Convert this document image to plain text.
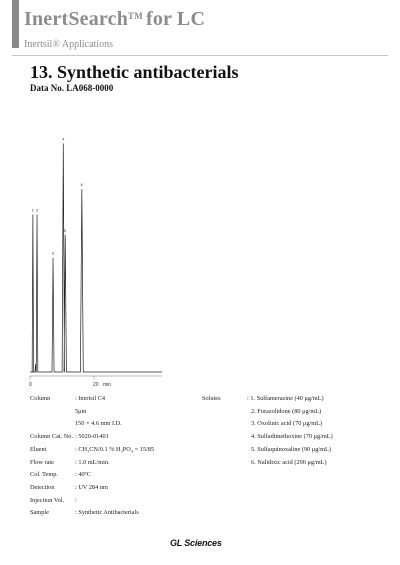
InertSearch™ for LC
Inertsil® Applications
13. Synthetic antibacterials
Data No. LA068-0000
1 2
3
4
5
6
0	20 min
Column	: Inertsil C4
5μm
150 × 4.6 mm I.D.
Column Cat. No. : 5020-01401
Eluent	: CH₃CN/0.1 % H₃PO₄ = 15/85
Flow rate	: 1.0 mL/min.
Col. Temp.	: 40ºC
Detection	: UV 284 nm
Injection Vol. :
Sample	: Synthetic Antibacterials
Solutes	: 1. Sulfamerazine (40 μg/mL)
2. Furazolidone (80 μg/mL)
3. Oxolinic acid (70 μg/mL)
4. Sulfadimethoxine (70 μg/mL)
5. Sulfaquinoxaline (90 μg/mL)
6. Nalidixic acid (290 μg/mL)
GL Sciences
